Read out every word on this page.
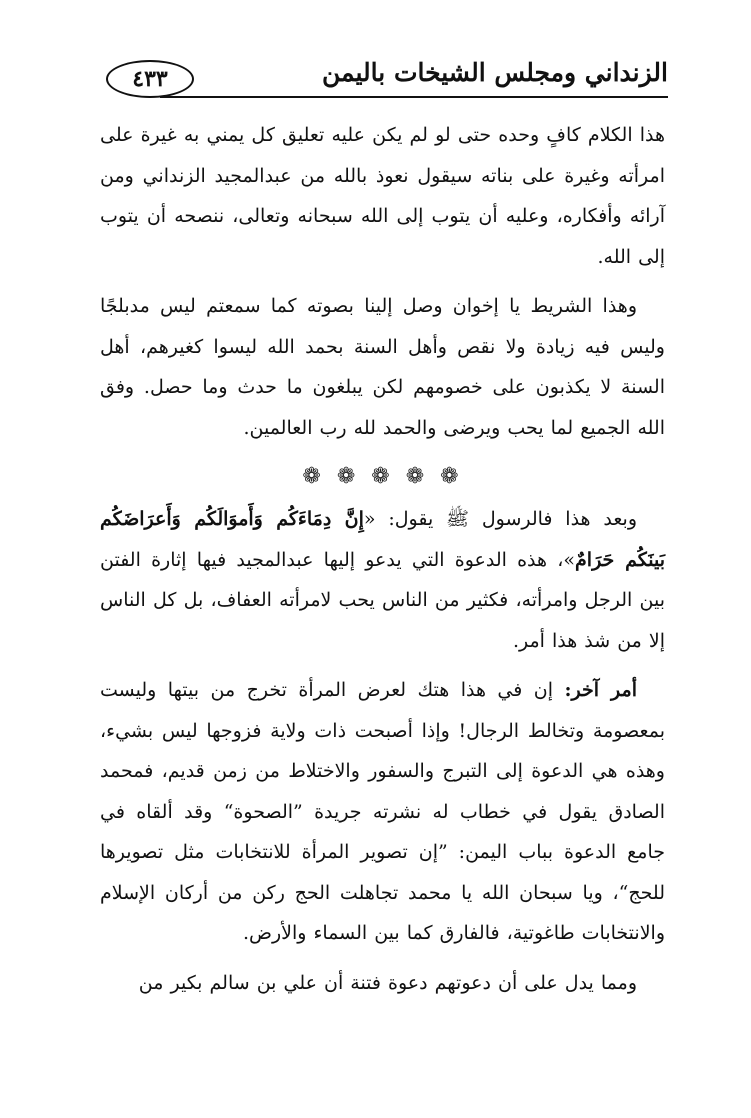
٤٣٣	الزنداني ومجلس الشيخات باليمن

هذا الكلام كافٍ وحده حتى لو لم يكن عليه تعليق كل يمني به غيرة على امرأته وغيرة على بناته سيقول نعوذ بالله من عبدالمجيد الزنداني ومن آرائه وأفكاره، وعليه أن يتوب إلى الله سبحانه وتعالى، ننصحه أن يتوب إلى الله.

وهذا الشريط يا إخوان وصل إلينا بصوته كما سمعتم ليس مدبلجًا وليس فيه زيادة ولا نقص وأهل السنة بحمد الله ليسوا كغيرهم، أهل السنة لا يكذبون على خصومهم لكن يبلغون ما حدث وما حصل. وفق الله الجميع لما يحب ويرضى والحمد لله رب العالمين.

❁ ❁ ❁ ❁ ❁

وبعد هذا فالرسول ﷺ يقول: «إِنَّ دِمَاءَكُم وَأَموَالَكُم وَأَعرَاضَكُم بَينَكُم حَرَامٌ»، هذه الدعوة التي يدعو إليها عبدالمجيد فيها إثارة الفتن بين الرجل وامرأته، فكثير من الناس يحب لامرأته العفاف، بل كل الناس إلا من شذ هذا أمر.

أمر آخر: إن في هذا هتك لعرض المرأة تخرج من بيتها وليست بمعصومة وتخالط الرجال! وإذا أصبحت ذات ولاية فزوجها ليس بشيء، وهذه هي الدعوة إلى التبرج والسفور والاختلاط من زمن قديم، فمحمد الصادق يقول في خطاب له نشرته جريدة ”الصحوة“ وقد ألقاه في جامع الدعوة بباب اليمن: ”إن تصوير المرأة للانتخابات مثل تصويرها للحج“، ويا سبحان الله يا محمد تجاهلت الحج ركن من أركان الإسلام والانتخابات طاغوتية، فالفارق كما بين السماء والأرض.

ومما يدل على أن دعوتهم دعوة فتنة أن علي بن سالم بكير من
